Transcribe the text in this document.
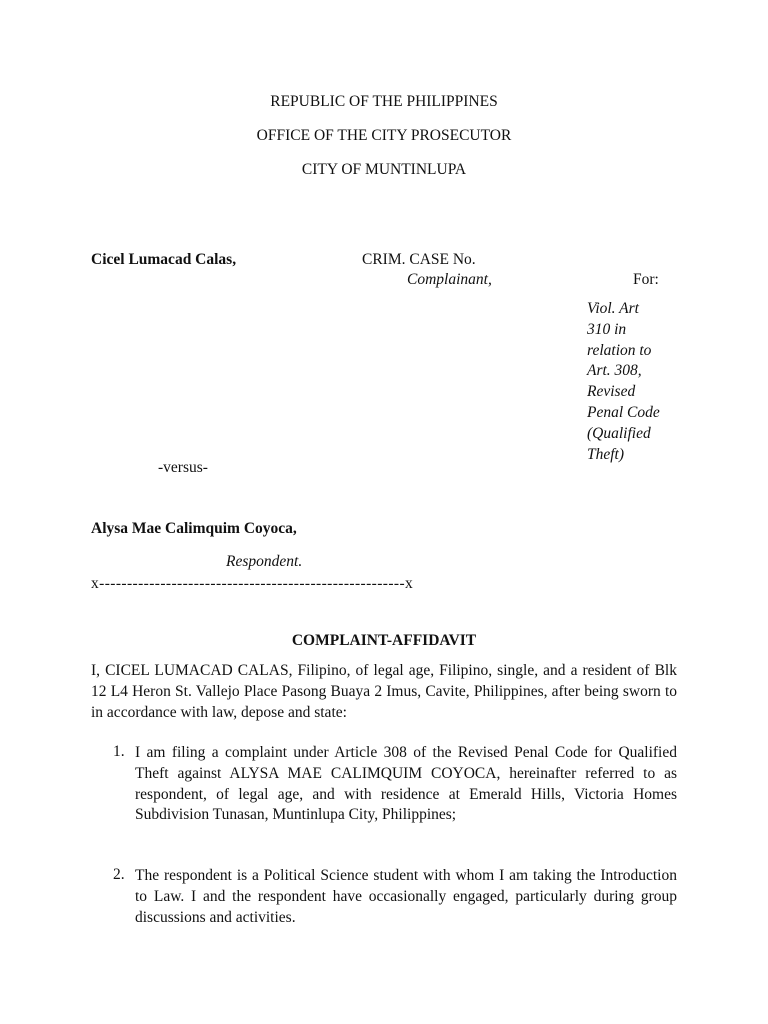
REPUBLIC OF THE PHILIPPINES
OFFICE OF THE CITY PROSECUTOR
CITY OF MUNTINLUPA
Cicel Lumacad Calas,	CRIM. CASE No.
Complainant,	For:
Viol. Art
310 in
relation to
Art. 308,
Revised
Penal Code
(Qualified
Theft)
-versus-
Alysa Mae Calimquim Coyoca,
Respondent.
x-------------------------------------------------------x
COMPLAINT-AFFIDAVIT
I, CICEL LUMACAD CALAS, Filipino, of legal age, Filipino, single, and a resident of Blk 12 L4 Heron St. Vallejo Place Pasong Buaya 2 Imus, Cavite, Philippines, after being sworn to in accordance with law, depose and state:
1. I am filing a complaint under Article 308 of the Revised Penal Code for Qualified Theft against ALYSA MAE CALIMQUIM COYOCA, hereinafter referred to as respondent, of legal age, and with residence at Emerald Hills, Victoria Homes Subdivision Tunasan, Muntinlupa City, Philippines;
2. The respondent is a Political Science student with whom I am taking the Introduction to Law. I and the respondent have occasionally engaged, particularly during group discussions and activities.
